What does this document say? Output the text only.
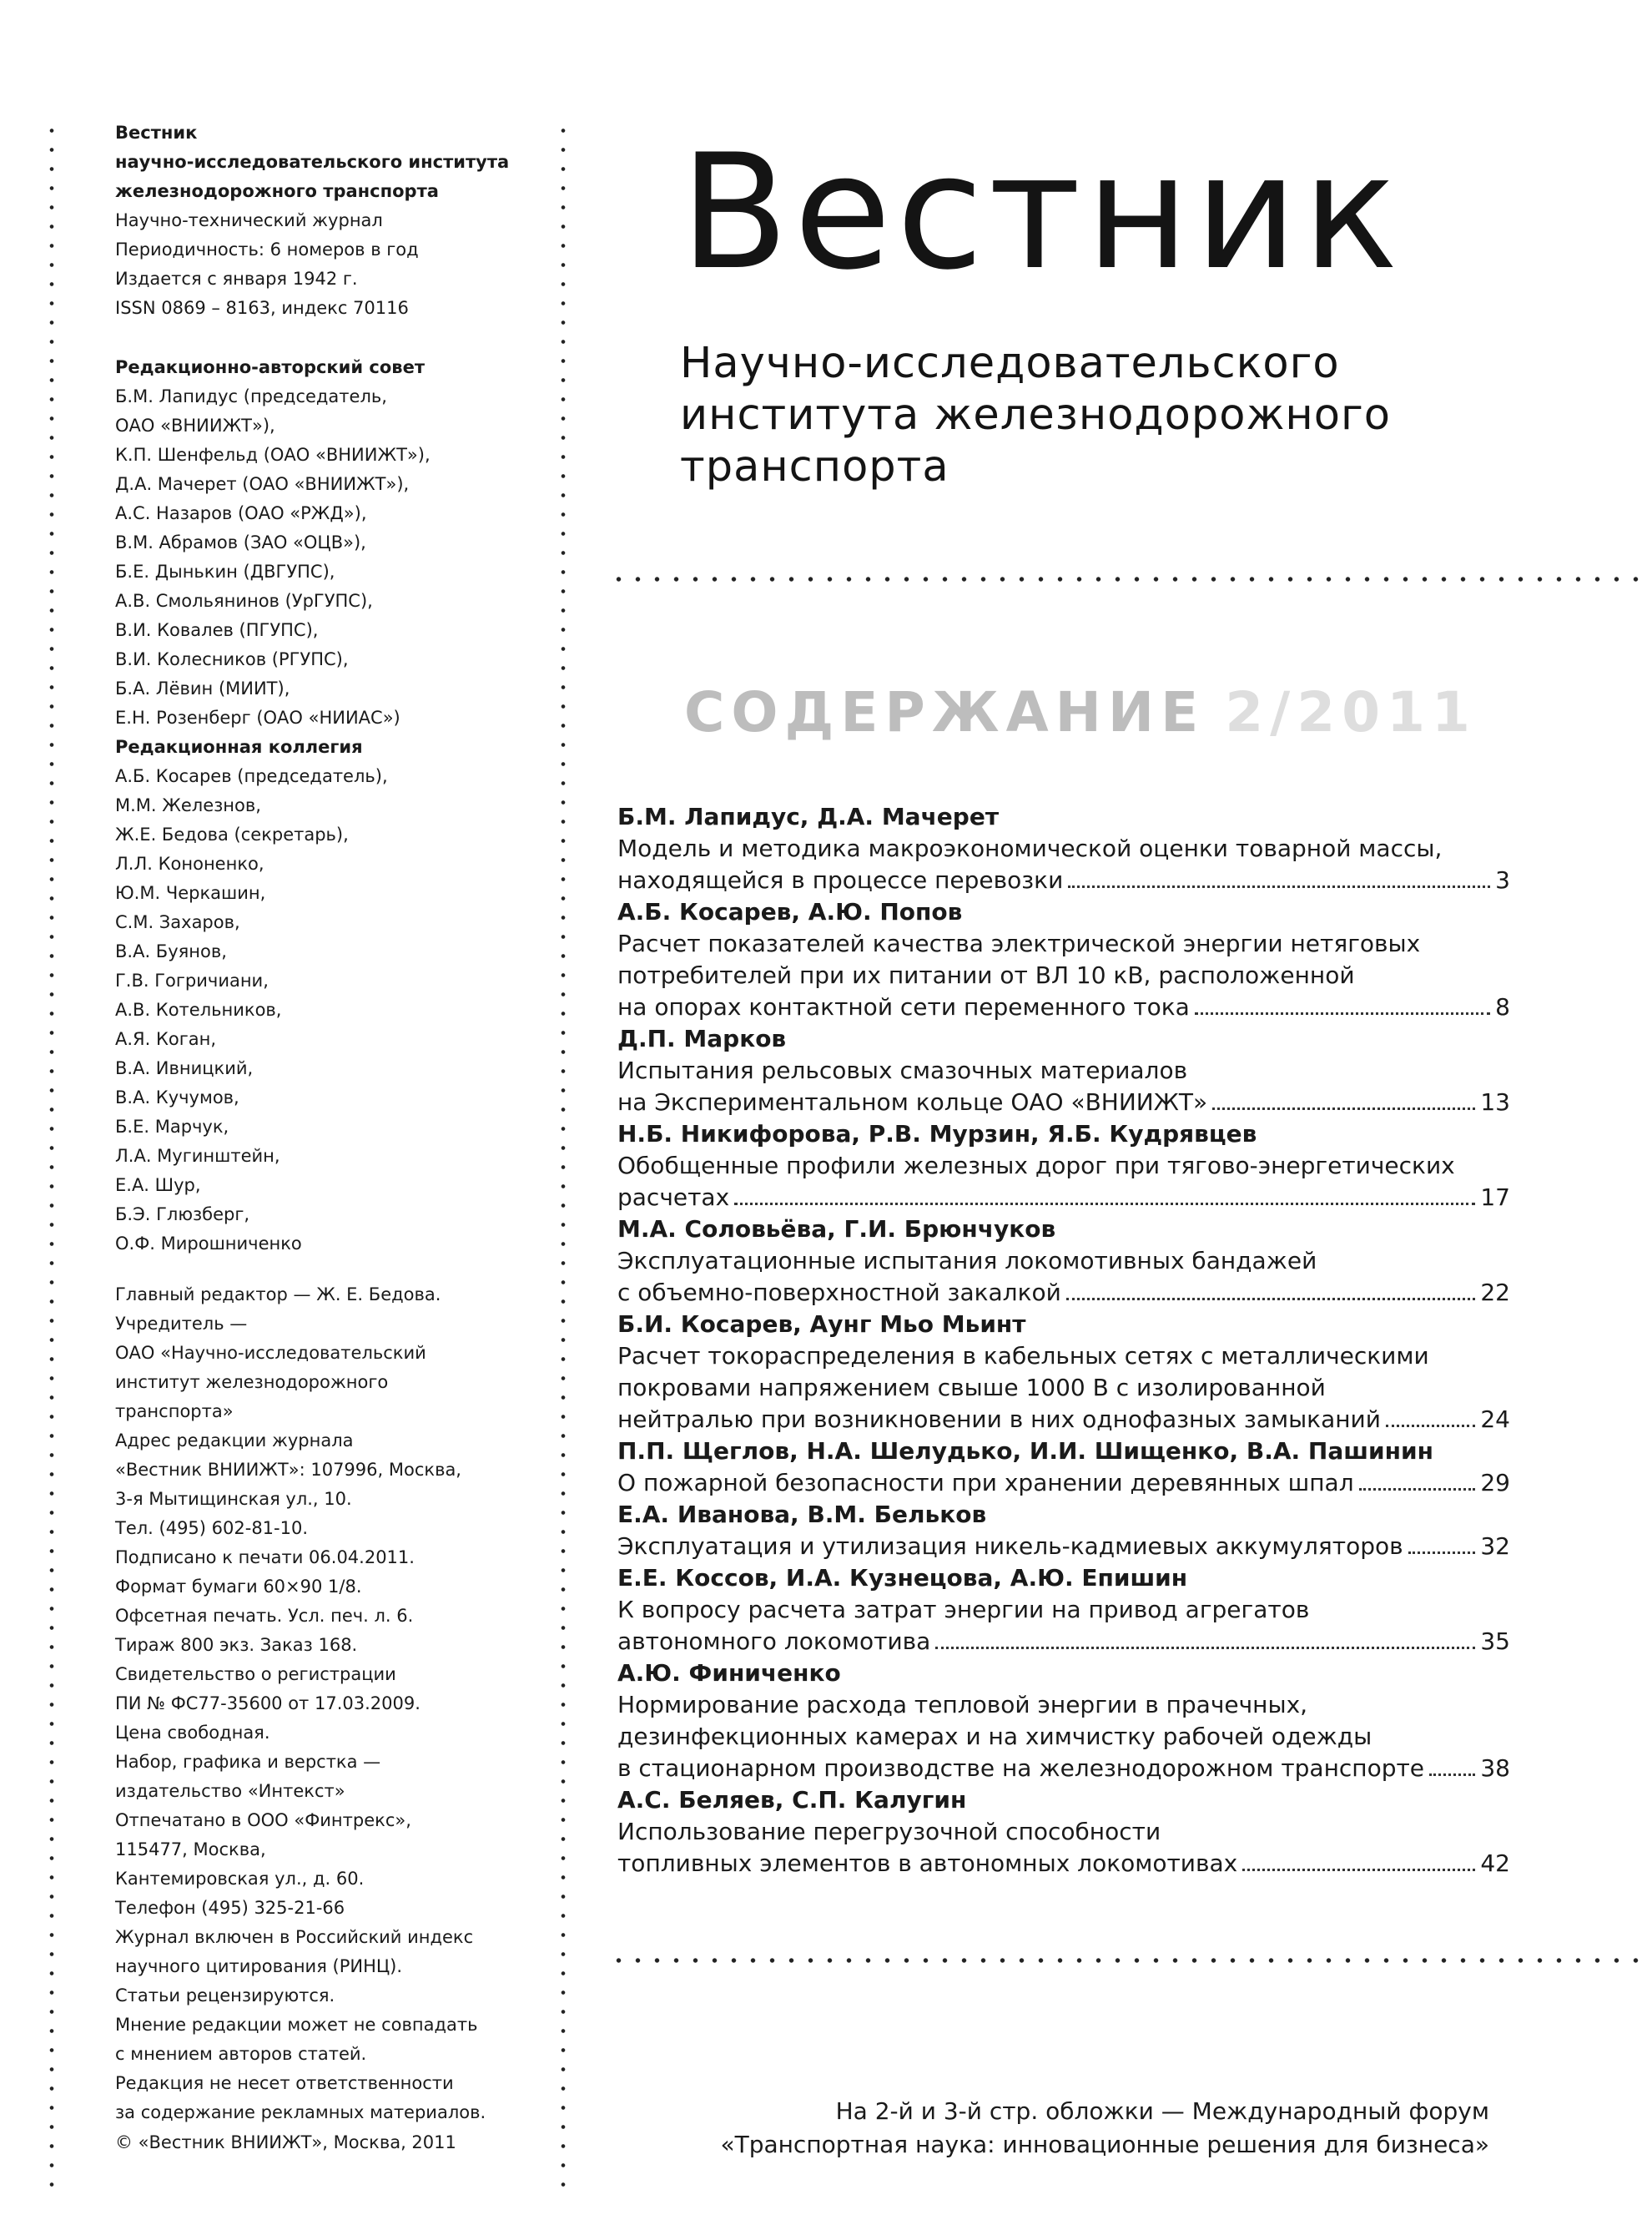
Вестник

научно-исследовательского института

железнодорожного транспорта

Научно-технический журнал

Периодичность: 6 номеров в год

Издается с января 1942 г.

ISSN 0869 – 8163, индекс 70116

Редакционно-авторский совет

Б.М. Лапидус (председатель,

ОАО «ВНИИЖТ»),

К.П. Шенфельд (ОАО «ВНИИЖТ»),

Д.А. Мачерет (ОАО «ВНИИЖТ»),

А.С. Назаров (ОАО «РЖД»),

В.М. Абрамов (ЗАО «ОЦВ»),

Б.Е. Дынькин (ДВГУПС),

А.В. Смольянинов (УрГУПС),

В.И. Ковалев (ПГУПС),

В.И. Колесников (РГУПС),

Б.А. Лёвин (МИИТ),

Е.Н. Розенберг (ОАО «НИИАС»)

Редакционная коллегия

А.Б. Косарев (председатель),

М.М. Железнов,

Ж.Е. Бедова (секретарь),

Л.Л. Кононенко,

Ю.М. Черкашин,

С.М. Захаров,

В.А. Буянов,

Г.В. Гогричиани,

А.В. Котельников,

А.Я. Коган,

В.А. Ивницкий,

В.А. Кучумов,

Б.Е. Марчук,

Л.А. Мугинштейн,

Е.А. Шур,

Б.Э. Глюзберг,

О.Ф. Мирошниченко

Главный редактор — Ж. Е. Бедова.

Учредитель —

ОАО «Научно-исследовательский

институт железнодорожного

транспорта»

Адрес редакции журнала

«Вестник ВНИИЖТ»: 107996, Москва,

3-я Мытищинская ул., 10.

Тел. (495) 602-81-10.

Подписано к печати 06.04.2011.

Формат бумаги 60×90 1/8.

Офсетная печать. Усл. печ. л. 6.

Тираж 800 экз. Заказ 168.

Свидетельство о регистрации

ПИ № ФС77-35600 от 17.03.2009.

Цена свободная.

Набор, графика и верстка —

издательство «Интекст»

Отпечатано в ООО «Финтрекс»,

115477, Москва,

Кантемировская ул., д. 60.

Телефон (495) 325-21-66

Журнал включен в Российский индекс

научного цитирования (РИНЦ).

Статьи рецензируются.

Мнение редакции может не совпадать

с мнением авторов статей.

Редакция не несет ответственности

за содержание рекламных материалов.

© «Вестник ВНИИЖТ», Москва, 2011
Вестник
Научно-исследовательского
института железнодорожного
транспорта
СОДЕРЖАНИЕ 2/2011
Б.М. Лапидус, Д.А. Мачерет
Модель и методика макроэкономической оценки товарной массы,
находящейся в процессе перевозки	3
А.Б. Косарев, А.Ю. Попов
Расчет показателей качества электрической энергии нетяговых
потребителей при их питании от ВЛ 10 кВ, расположенной
на опорах контактной сети переменного тока	8
Д.П. Марков
Испытания рельсовых смазочных материалов
на Экспериментальном кольце ОАО «ВНИИЖТ»	13
Н.Б. Никифорова, Р.В. Мурзин, Я.Б. Кудрявцев
Обобщенные профили железных дорог при тягово-энергетических
расчетах	17
М.А. Соловьёва, Г.И. Брюнчуков
Эксплуатационные испытания локомотивных бандажей
с объемно-поверхностной закалкой	22
Б.И. Косарев, Аунг Мьо Мьинт
Расчет токораспределения в кабельных сетях с металлическими
покровами напряжением свыше 1000 В с изолированной
нейтралью при возникновении в них однофазных замыканий	24
П.П. Щеглов, Н.А. Шелудько, И.И. Шищенко, В.А. Пашинин
О пожарной безопасности при хранении деревянных шпал	29
Е.А. Иванова, В.М. Бельков
Эксплуатация и утилизация никель-кадмиевых аккумуляторов	32
Е.Е. Коссов, И.А. Кузнецова, А.Ю. Епишин
К вопросу расчета затрат энергии на привод агрегатов
автономного локомотива	35
А.Ю. Финиченко
Нормирование расхода тепловой энергии в прачечных,
дезинфекционных камерах и на химчистку рабочей одежды
в стационарном производстве на железнодорожном транспорте 38
А.С. Беляев, С.П. Калугин
Использование перегрузочной способности
топливных элементов в автономных локомотивах	42
На 2-й и 3-й стр. обложки — Международный форум
«Транспортная наука: инновационные решения для бизнеса»
